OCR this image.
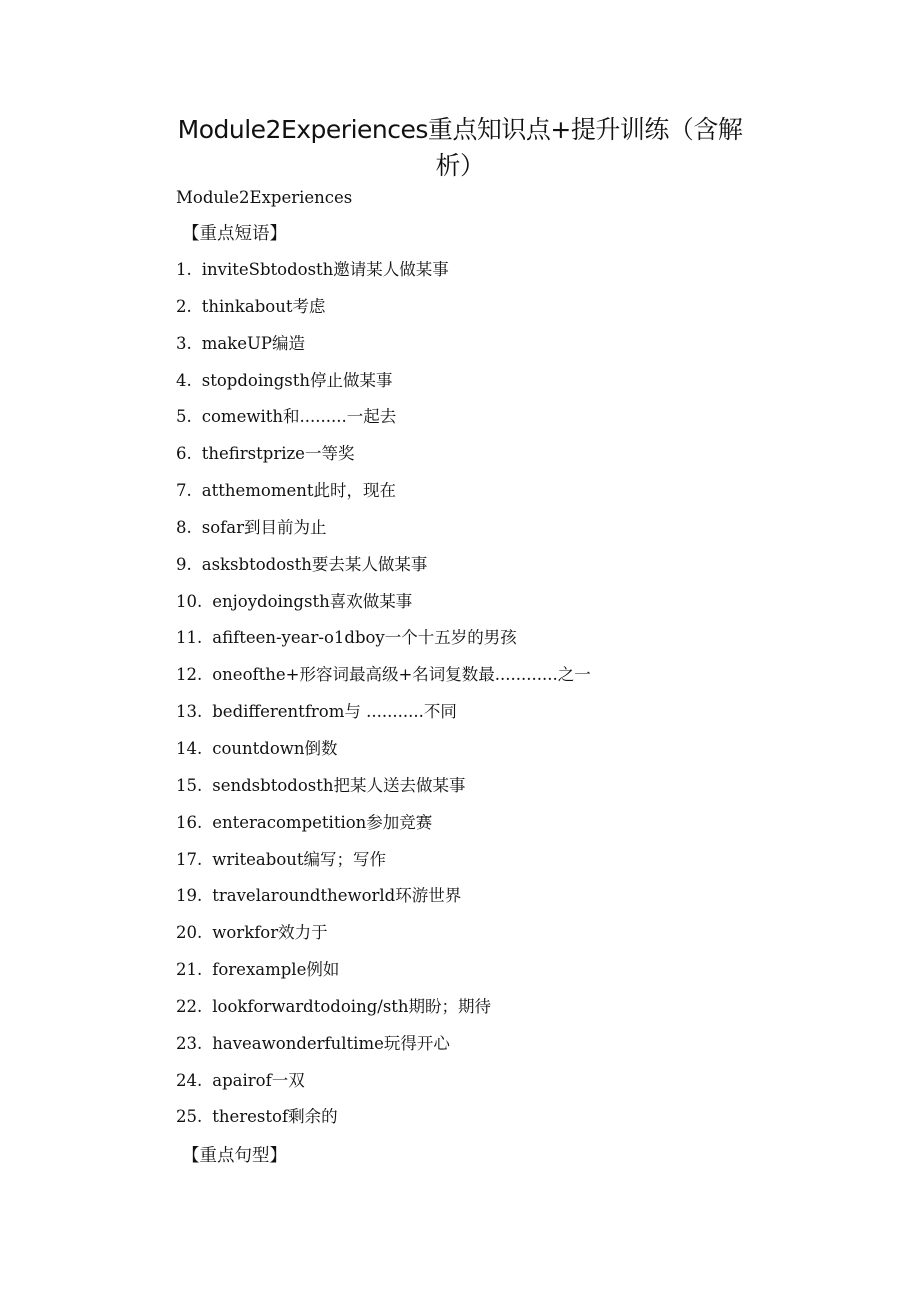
Module2Experiences重点知识点+提升训练（含解析）
Module2Experiences
【重点短语】
1. inviteSbtodosth邀请某人做某事
2. thinkabout考虑
3. makeUP编造
4. stopdoingsth停止做某事
5. comewith和.........一起去
6. thefirstprize一等奖
7. atthemoment此时，现在
8. sofar到目前为止
9. asksbtodosth要去某人做某事
10. enjoydoingsth喜欢做某事
11. afifteen-year-o1dboy一个十五岁的男孩
12. oneofthe+形容词最高级+名词复数最............之一
13. bedifferentfrom与 ...........不同
14. countdown倒数
15. sendsbtodosth把某人送去做某事
16. enteracompetition参加竞赛
17. writeabout编写；写作
19. travelaroundtheworld环游世界
20. workfor效力于
21. forexample例如
22. lookforwardtodoing/sth期盼；期待
23. haveawonderfultime玩得开心
24. apairof一双
25. therestof剩余的
【重点句型】
